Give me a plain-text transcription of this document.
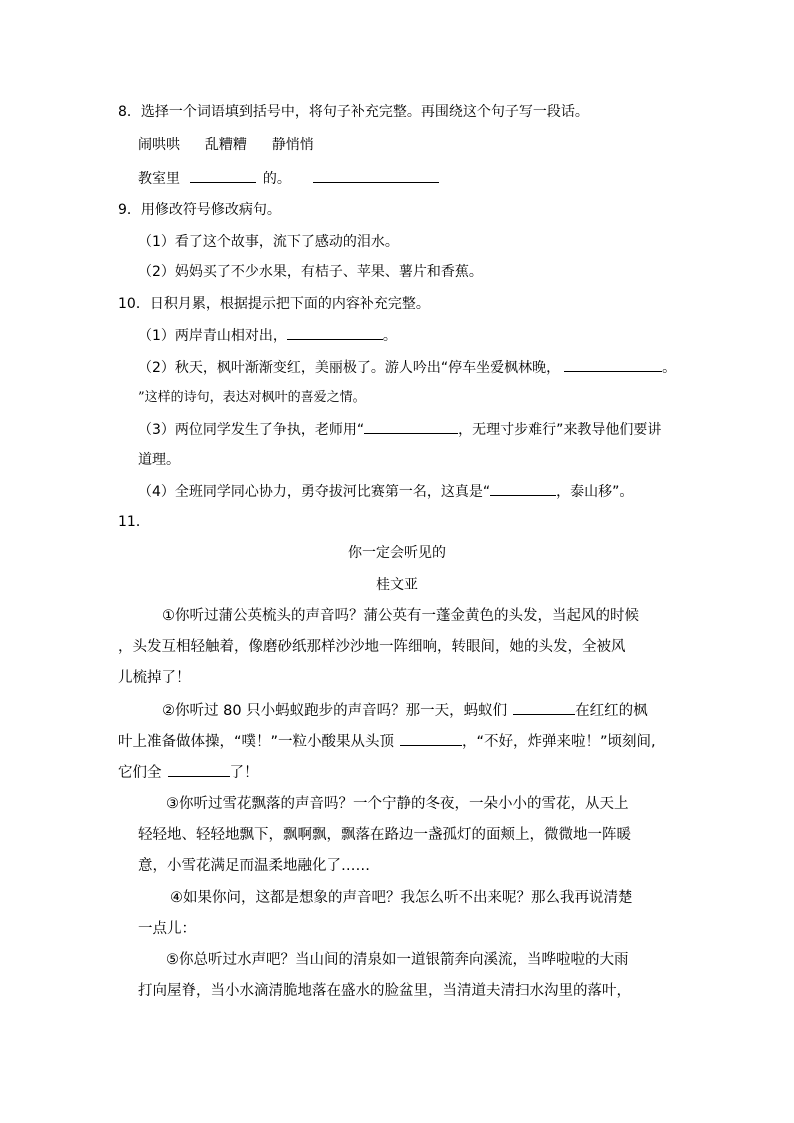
8．选择一个词语填到括号中，将句子补充完整。再围绕这个句子写一段话。
闹哄哄 乱糟糟 静悄悄
教室里	的。
9．用修改符号修改病句。
（1）看了这个故事，流下了感动的泪水。
（2）妈妈买了不少水果，有桔子、苹果、薯片和香蕉。
10．日积月累，根据提示把下面的内容补充完整。
（1）两岸青山相对出，	。
（2）秋天，枫叶渐渐变红，美丽极了。游人吟出“停车坐爱枫林晚，	。
”这样的诗句，表达对枫叶的喜爱之情。
（3）两位同学发生了争执，老师用“	，无理寸步难行”来教导他们要讲
道理。
（4）全班同学同心协力，勇夺拔河比赛第一名，这真是“	，泰山移”。
11．
你一定会听见的
桂文亚
①你听过蒲公英梳头的声音吗？蒲公英有一蓬金黄色的头发，当起风的时候
，头发互相轻触着，像磨砂纸那样沙沙地一阵细响，转眼间，她的头发，全被风
儿梳掉了！
②你听过 80 只小蚂蚁跑步的声音吗？那一天，蚂蚁们	在红红的枫
叶上准备做体操，“噗！”一粒小酸果从头顶	，“不好，炸弹来啦！”顷刻间,
它们全	了！
③你听过雪花飘落的声音吗？一个宁静的冬夜，一朵小小的雪花，从天上
轻轻地、轻轻地飘下，飘啊飘，飘落在路边一盏孤灯的面颊上，微微地一阵暖
意，小雪花满足而温柔地融化了……
④如果你问，这都是想象的声音吧？我怎么听不出来呢？那么我再说清楚
一点儿：
⑤你总听过水声吧？当山间的清泉如一道银箭奔向溪流，当哗啦啦的大雨
打向屋脊，当小水滴清脆地落在盛水的脸盆里，当清道夫清扫水沟里的落叶，
